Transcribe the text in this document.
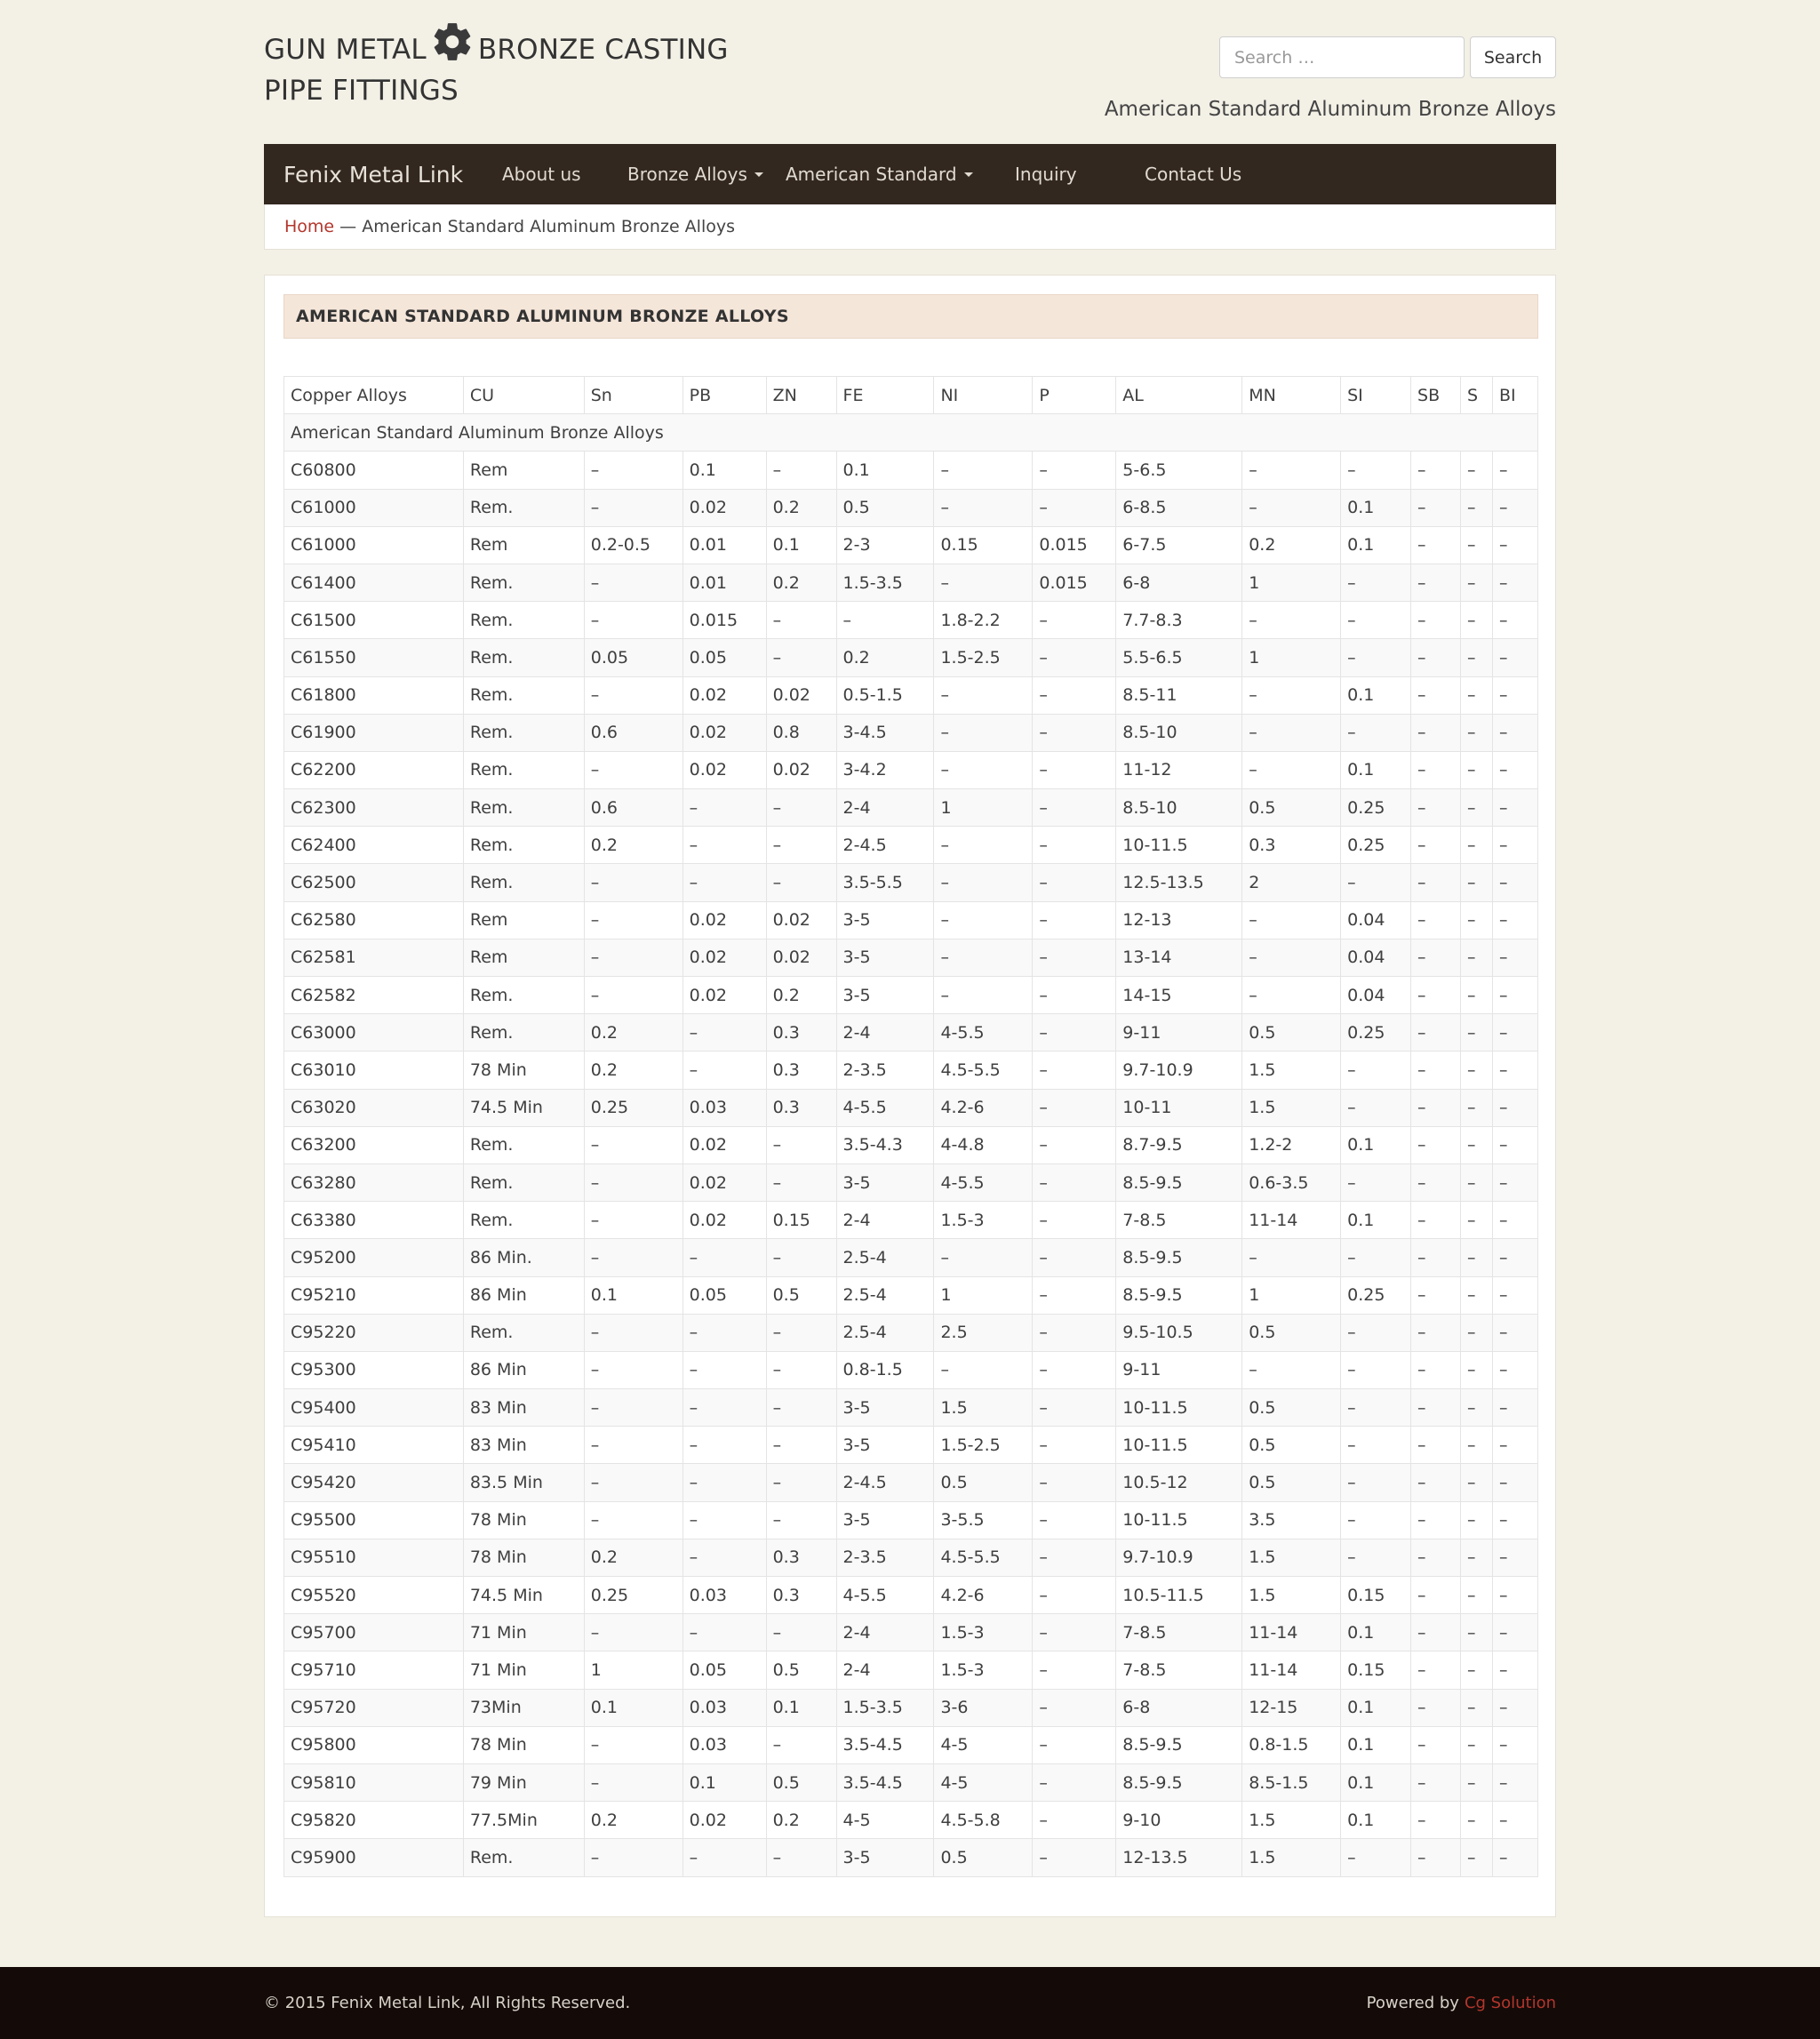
GUN METAL BRONZE CASTING
PIPE FITTINGS
Search …
Search
American Standard Aluminum Bronze Alloys
Fenix Metal Link	About us	Bronze Alloys American Standard	Inquiry	Contact Us
Home — American Standard Aluminum Bronze Alloys
AMERICAN STANDARD ALUMINUM BRONZE ALLOYS
Copper Alloys	CU	Sn	PB	ZN	FE	NI	P	AL	MN	SI	SB	S	BI
American Standard Aluminum Bronze Alloys													
C60800	Rem	–	0.1	–	0.1	–	–	5-6.5	–	–	–	–	–
C61000	Rem.	–	0.02	0.2	0.5	–	–	6-8.5	–	0.1	–	–	–
C61000	Rem	0.2-0.5	0.01	0.1	2-3	0.15	0.015	6-7.5	0.2	0.1	–	–	–
C61400	Rem.	–	0.01	0.2	1.5-3.5	–	0.015	6-8	1	–	–	–	–
C61500	Rem.	–	0.015	–	–	1.8-2.2	–	7.7-8.3	–	–	–	–	–
C61550	Rem.	0.05	0.05	–	0.2	1.5-2.5	–	5.5-6.5	1	–	–	–	–
C61800	Rem.	–	0.02	0.02	0.5-1.5	–	–	8.5-11	–	0.1	–	–	–
C61900	Rem.	0.6	0.02	0.8	3-4.5	–	–	8.5-10	–	–	–	–	–
C62200	Rem.	–	0.02	0.02	3-4.2	–	–	11-12	–	0.1	–	–	–
C62300	Rem.	0.6	–	–	2-4	1	–	8.5-10	0.5	0.25	–	–	–
C62400	Rem.	0.2	–	–	2-4.5	–	–	10-11.5	0.3	0.25	–	–	–
C62500	Rem.	–	–	–	3.5-5.5	–	–	12.5-13.5	2	–	–	–	–
C62580	Rem	–	0.02	0.02	3-5	–	–	12-13	–	0.04	–	–	–
C62581	Rem	–	0.02	0.02	3-5	–	–	13-14	–	0.04	–	–	–
C62582	Rem.	–	0.02	0.2	3-5	–	–	14-15	–	0.04	–	–	–
C63000	Rem.	0.2	–	0.3	2-4	4-5.5	–	9-11	0.5	0.25	–	–	–
C63010	78 Min	0.2	–	0.3	2-3.5	4.5-5.5	–	9.7-10.9	1.5	–	–	–	–
C63020	74.5 Min	0.25	0.03	0.3	4-5.5	4.2-6	–	10-11	1.5	–	–	–	–
C63200	Rem.	–	0.02	–	3.5-4.3	4-4.8	–	8.7-9.5	1.2-2	0.1	–	–	–
C63280	Rem.	–	0.02	–	3-5	4-5.5	–	8.5-9.5	0.6-3.5	–	–	–	–
C63380	Rem.	–	0.02	0.15	2-4	1.5-3	–	7-8.5	11-14	0.1	–	–	–
C95200	86 Min.	–	–	–	2.5-4	–	–	8.5-9.5	–	–	–	–	–
C95210	86 Min	0.1	0.05	0.5	2.5-4	1	–	8.5-9.5	1	0.25	–	–	–
C95220	Rem.	–	–	–	2.5-4	2.5	–	9.5-10.5	0.5	–	–	–	–
C95300	86 Min	–	–	–	0.8-1.5	–	–	9-11	–	–	–	–	–
C95400	83 Min	–	–	–	3-5	1.5	–	10-11.5	0.5	–	–	–	–
C95410	83 Min	–	–	–	3-5	1.5-2.5	–	10-11.5	0.5	–	–	–	–
C95420	83.5 Min	–	–	–	2-4.5	0.5	–	10.5-12	0.5	–	–	–	–
C95500	78 Min	–	–	–	3-5	3-5.5	–	10-11.5	3.5	–	–	–	–
C95510	78 Min	0.2	–	0.3	2-3.5	4.5-5.5	–	9.7-10.9	1.5	–	–	–	–
C95520	74.5 Min	0.25	0.03	0.3	4-5.5	4.2-6	–	10.5-11.5	1.5	0.15	–	–	–
C95700	71 Min	–	–	–	2-4	1.5-3	–	7-8.5	11-14	0.1	–	–	–
C95710	71 Min	1	0.05	0.5	2-4	1.5-3	–	7-8.5	11-14	0.15	–	–	–
C95720	73Min	0.1	0.03	0.1	1.5-3.5	3-6	–	6-8	12-15	0.1	–	–	–
C95800	78 Min	–	0.03	–	3.5-4.5	4-5	–	8.5-9.5	0.8-1.5	0.1	–	–	–
C95810	79 Min	–	0.1	0.5	3.5-4.5	4-5	–	8.5-9.5	8.5-1.5	0.1	–	–	–
C95820	77.5Min	0.2	0.02	0.2	4-5	4.5-5.8	–	9-10	1.5	0.1	–	–	–
C95900	Rem.	–	–	–	3-5	0.5	–	12-13.5	1.5	–	–	–	–
© 2015 Fenix Metal Link, All Rights Reserved.	Powered by Cg Solution
